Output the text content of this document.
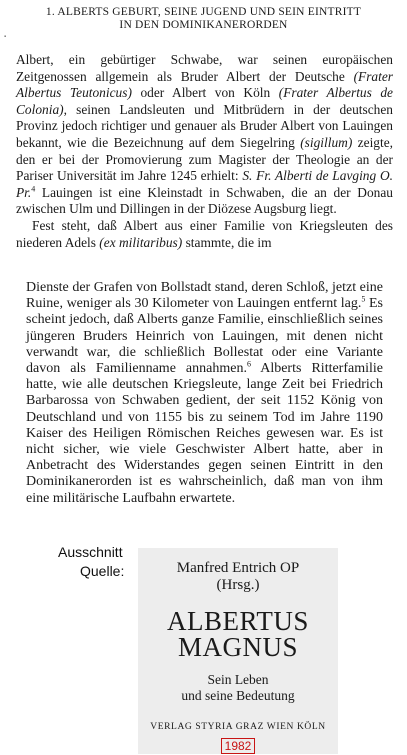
1. ALBERTS GEBURT, SEINE JUGEND UND SEIN EINTRITT
IN DEN DOMINIKANERORDEN
▪

Albert, ein gebürtiger Schwabe, war seinen europäischen Zeitgenossen allgemein als Bruder Albert der Deutsche (Frater Albertus Teutonicus) oder Albert von Köln (Frater Albertus de Colonia), seinen Landsleuten und Mitbrüdern in der deutschen Provinz jedoch richtiger und genauer als Bruder Albert von Lauingen bekannt, wie die Bezeichnung auf dem Siegelring (sigillum) zeigte, den er bei der Promovierung zum Magister der Theologie an der Pariser Universität im Jahre 1245 erhielt: S. Fr. Alberti de Lavging O. Pr.$^4$ Lauingen ist eine Kleinstadt in Schwaben, die an der Donau zwischen Ulm und Dillingen in der Diözese Augsburg liegt.

Fest steht, daß Albert aus einer Familie von Kriegsleuten des niederen Adels (ex militaribus) stammte, die im

Dienste der Grafen von Bollstadt stand, deren Schloß, jetzt eine Ruine, weniger als 30 Kilometer von Lauingen entfernt lag.$^5$ Es scheint jedoch, daß Alberts ganze Familie, einschließlich seines jüngeren Bruders Heinrich von Lauingen, mit denen nicht verwandt war, die schließlich Bollestat oder eine Variante davon als Familienname annahmen.$^6$ Alberts Ritterfamilie hatte, wie alle deutschen Kriegsleute, lange Zeit bei Friedrich Barbarossa von Schwaben gedient, der seit 1152 König von Deutschland und von 1155 bis zu seinem Tod im Jahre 1190 Kaiser des Heiligen Römischen Reiches gewesen war. Es ist nicht sicher, wie viele Geschwister Albert hatte, aber in Anbetracht des Widerstandes gegen seinen Eintritt in den Dominikanerorden ist es wahrscheinlich, daß man von ihm eine militärische Laufbahn erwartete.

Ausschnitt
Quelle:	Manfred Entrich OP
(Hrsg.)
ALBERTUS
MAGNUS
Sein Leben
und seine Bedeutung
VERLAG STYRIA GRAZ WIEN KÖLN
1982
